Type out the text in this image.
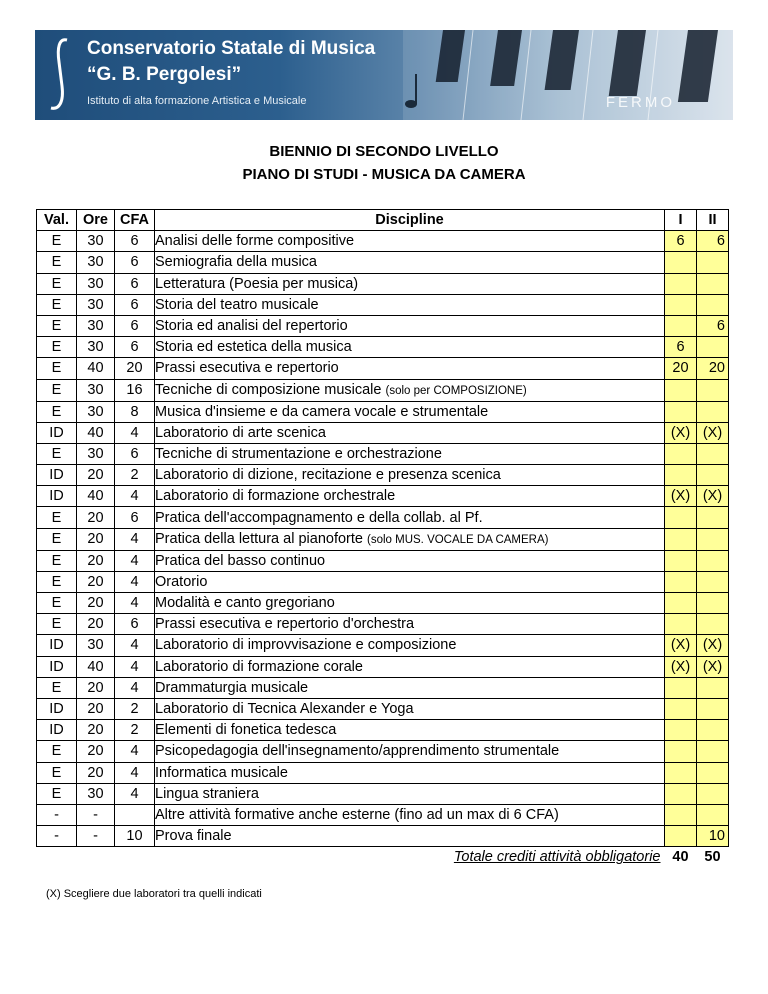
Conservatorio Statale di Musica
“G. B. Pergolesi”
Istituto di alta formazione Artistica e Musicale	FERMO
BIENNIO DI SECONDO LIVELLO
PIANO DI STUDI - MUSICA DA CAMERA
Val.	Ore	CFA	Discipline	I	II
E	30	6	Analisi delle forme compositive	6	6
E	30	6	Semiografia della musica		
E	30	6	Letteratura (Poesia per musica)		
E	30	6	Storia del teatro musicale		
E	30	6	Storia ed analisi del repertorio		6
E	30	6	Storia ed estetica della musica	6	
E	40	20	Prassi esecutiva e repertorio	20	20
E	30	16	Tecniche di composizione musicale (solo per COMPOSIZIONE)		
E	30	8	Musica d'insieme e da camera vocale e strumentale		
ID	40	4	Laboratorio di arte scenica	(X)	(X)
E	30	6	Tecniche di strumentazione e orchestrazione		
ID	20	2	Laboratorio di dizione, recitazione e presenza scenica		
ID	40	4	Laboratorio di formazione orchestrale	(X)	(X)
E	20	6	Pratica dell'accompagnamento e della collab. al Pf.		
E	20	4	Pratica della lettura al pianoforte (solo MUS. VOCALE DA CAMERA)		
E	20	4	Pratica del basso continuo		
E	20	4	Oratorio		
E	20	4	Modalità e canto gregoriano		
E	20	6	Prassi esecutiva e repertorio d'orchestra		
ID	30	4	Laboratorio di improvvisazione e composizione	(X)	(X)
ID	40	4	Laboratorio di formazione corale	(X)	(X)
E	20	4	Drammaturgia musicale		
ID	20	2	Laboratorio di Tecnica Alexander e Yoga		
ID	20	2	Elementi di fonetica tedesca		
E	20	4	Psicopedagogia dell'insegnamento/apprendimento strumentale		
E	20	4	Informatica musicale		
E	30	4	Lingua straniera		
-	-		Altre attività formative anche esterne (fino ad un max di 6 CFA)		
-	-	10	Prova finale		10
Totale crediti attività obbligatorie				40	50
(X) Scegliere due laboratori tra quelli indicati
